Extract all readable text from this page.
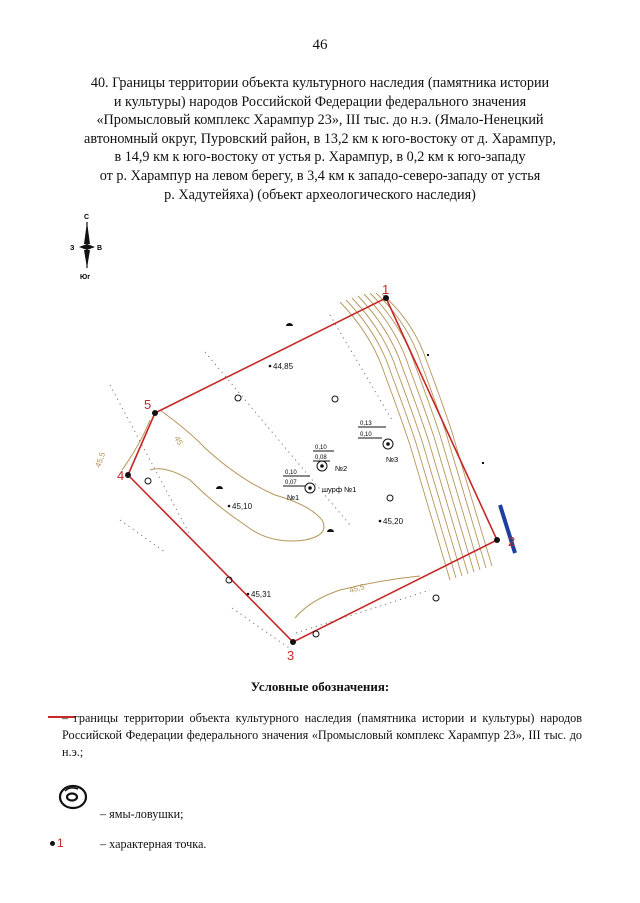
46
40. Границы территории объекта культурного наследия (памятника истории
и культуры) народов Российской Федерации федерального значения
«Промысловый комплекс Харампур 23», III тыс. до н.э. (Ямало-Ненецкий
автономный округ, Пуровский район, в 13,2 км к юго-востоку от д. Харампур,
в 14,9 км к юго-востоку от устья р. Харампур, в 0,2 км к юго-западу
от р. Харампур на левом берегу, в 3,4 км к западо-северо-западу от устья
р. Хадутейяха) (объект археологического наследия)
С
З	В
Юг
1
2
3
4
5
44,85
45,10
45,20
45,31
45
45,5
45,5
0,10
0,07
№1
0,10
0,08
№2
0,13
0,10
№3
шурф №1
Условные обозначения:
– границы территории объекта культурного наследия (памятника истории и культуры) народов Российской Федерации федерального значения «Промысловый комплекс Харампур 23», III тыс. до н.э.;
– ямы-ловушки;
1	– характерная точка.
